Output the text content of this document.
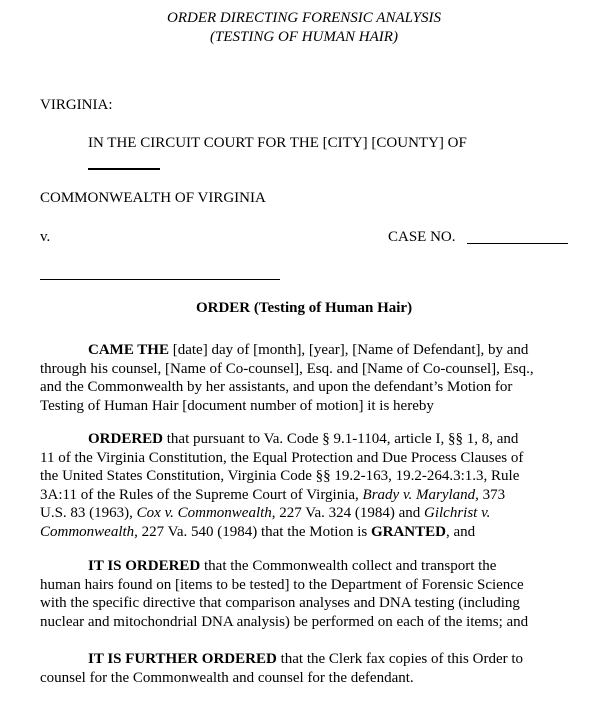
ORDER DIRECTING FORENSIC ANALYSIS
(TESTING OF HUMAN HAIR)
VIRGINIA:
IN THE CIRCUIT COURT FOR THE [CITY] [COUNTY] OF
COMMONWEALTH OF VIRGINIA
v.	CASE NO.
ORDER (Testing of Human Hair)
CAME THE [date] day of [month], [year], [Name of Defendant], by and
through his counsel, [Name of Co-counsel], Esq. and [Name of Co-counsel], Esq.,
and the Commonwealth by her assistants, and upon the defendant’s Motion for
Testing of Human Hair [document number of motion] it is hereby
ORDERED that pursuant to Va. Code § 9.1-1104, article I, §§ 1, 8, and
11 of the Virginia Constitution, the Equal Protection and Due Process Clauses of
the United States Constitution, Virginia Code §§ 19.2-163, 19.2-264.3:1.3, Rule
3A:11 of the Rules of the Supreme Court of Virginia, Brady v. Maryland, 373
U.S. 83 (1963), Cox v. Commonwealth, 227 Va. 324 (1984) and Gilchrist v.
Commonwealth, 227 Va. 540 (1984) that the Motion is GRANTED, and
IT IS ORDERED that the Commonwealth collect and transport the
human hairs found on [items to be tested] to the Department of Forensic Science
with the specific directive that comparison analyses and DNA testing (including
nuclear and mitochondrial DNA analysis) be performed on each of the items; and
IT IS FURTHER ORDERED that the Clerk fax copies of this Order to
counsel for the Commonwealth and counsel for the defendant.
